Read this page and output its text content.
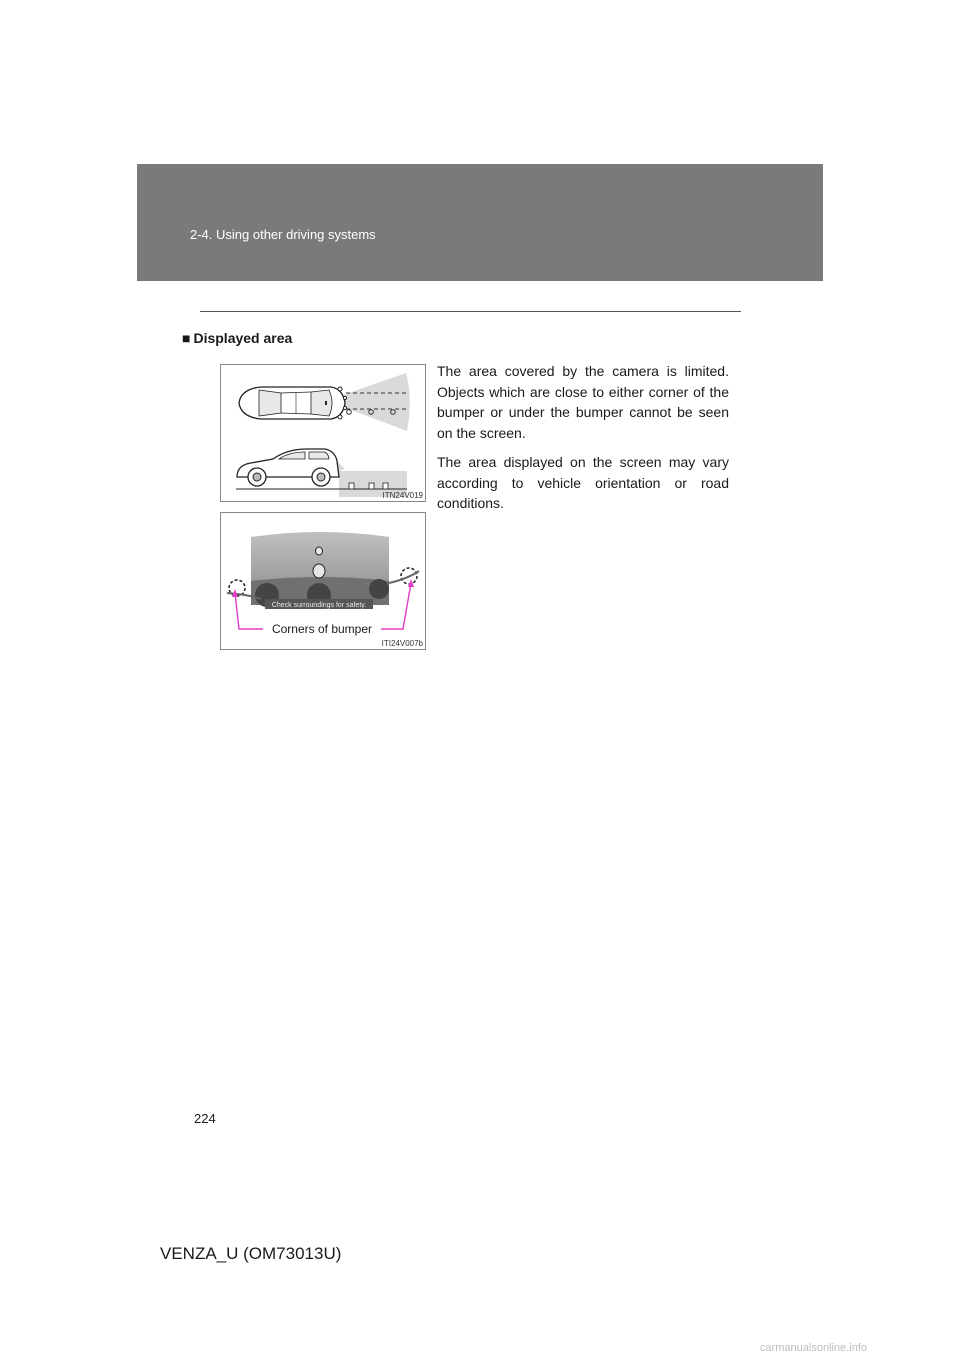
2-4. Using other driving systems
■ Displayed area
ITN24V019
Check surroundings for safety.
Corners of bumper
ITI24V007b

The area covered by the camera is limited. Objects which are close to either corner of the bumper or under the bumper cannot be seen on the screen.

The area displayed on the screen may vary according to vehicle orientation or road conditions.

224
VENZA_U (OM73013U)
carmanualsonline.info
